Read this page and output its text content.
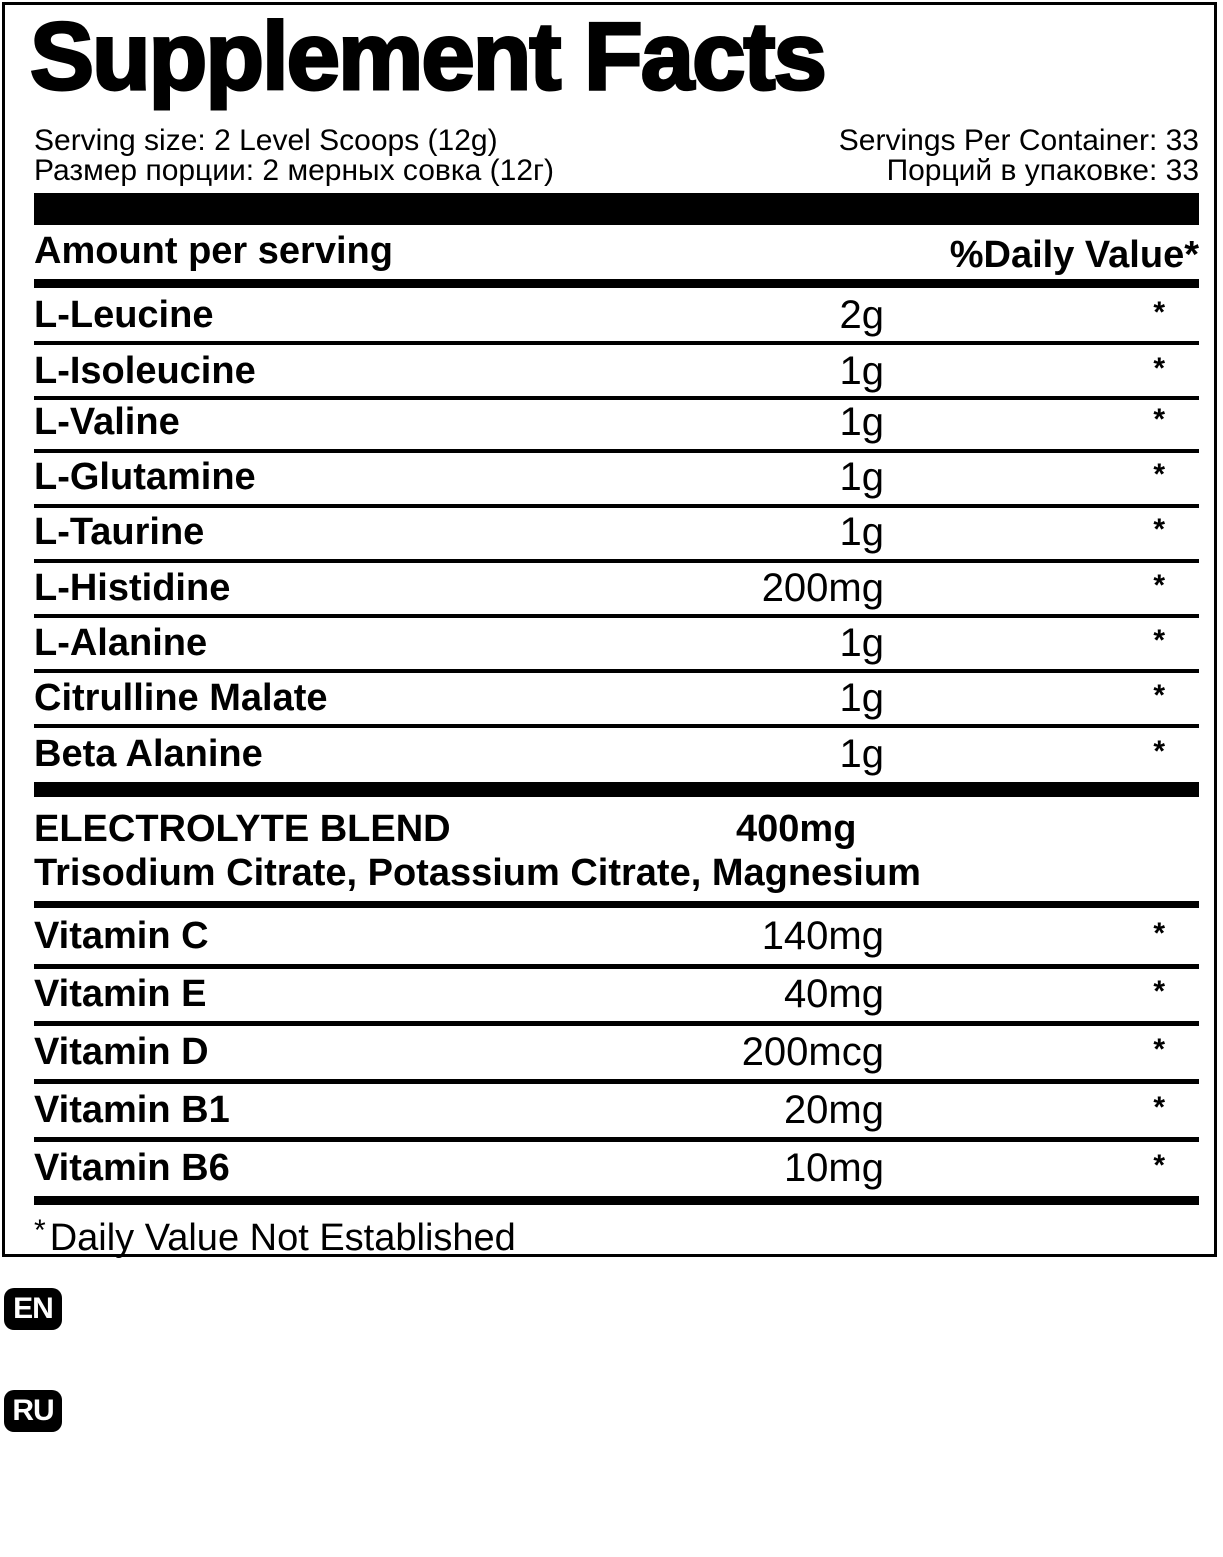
Supplement Facts
Serving size: 2 Level Scoops (12g)
Размер порции: 2 мерных совка (12г)
Servings Per Container: 33
Порций в упаковке: 33
Amount per serving	%Daily Value*
L-Leucine	2g	*
L-Isoleucine	1g	*
L-Valine	1g	*
L-Glutamine	1g	*
L-Taurine	1g	*
L-Histidine	200mg	*
L-Alanine	1g	*
Citrulline Malate	1g	*
Beta Alanine	1g	*
ELECTROLYTE BLEND	400mg
Trisodium Citrate, Potassium Citrate, Magnesium
Vitamin C	140mg	*
Vitamin E	40mg	*
Vitamin D	200mcg	*
Vitamin B1	20mg	*
Vitamin B6	10mg	*
* Daily Value Not Established
EN
RU
